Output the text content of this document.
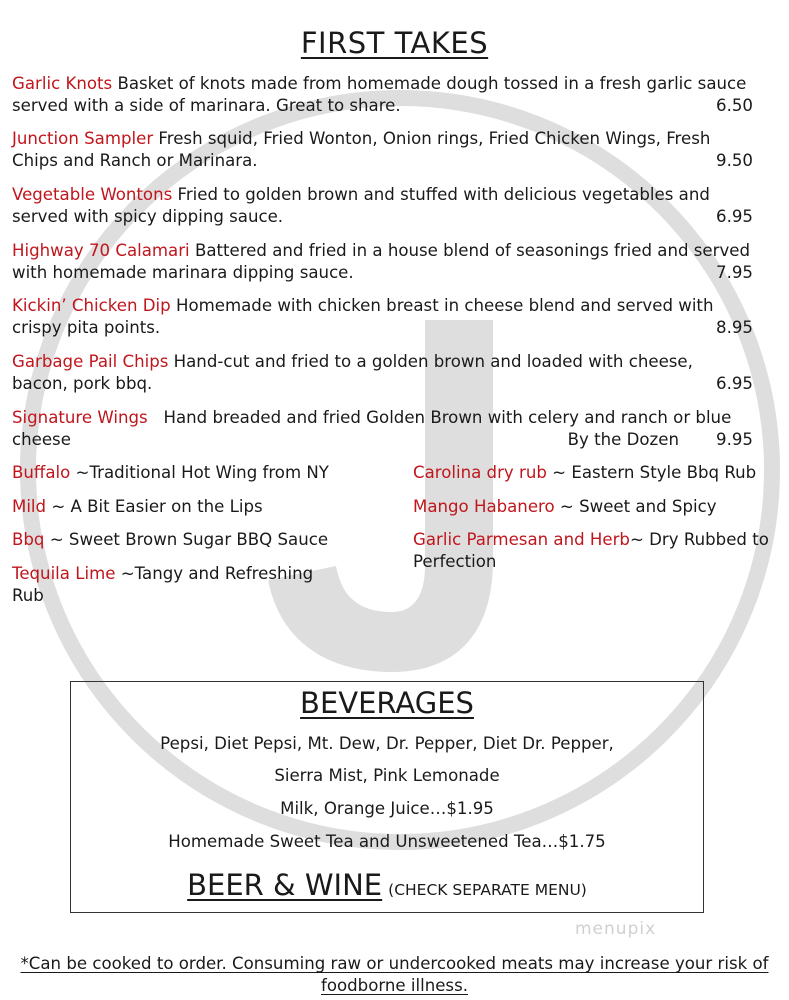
FIRST TAKES
Garlic Knots Basket of knots made from homemade dough tossed in a fresh garlic sauce served with a side of marinara. Great to share.	6.50
Junction Sampler Fresh squid, Fried Wonton, Onion rings, Fried Chicken Wings, Fresh Chips and Ranch or Marinara.	9.50
Vegetable Wontons Fried to golden brown and stuffed with delicious vegetables and served with spicy dipping sauce.	6.95
Highway 70 Calamari Battered and fried in a house blend of seasonings fried and served with homemade marinara dipping sauce.	7.95
Kickin’ Chicken Dip Homemade with chicken breast in cheese blend and served with crispy pita points.	8.95
Garbage Pail Chips Hand-cut and fried to a golden brown and loaded with cheese, bacon, pork bbq.	6.95
Signature Wings   Hand breaded and fried Golden Brown with celery and ranch or blue cheese	By the Dozen 9.95
Buffalo ~Traditional Hot Wing from NY
Mild ~ A Bit Easier on the Lips
Bbq ~ Sweet Brown Sugar BBQ Sauce
Tequila Lime ~Tangy and Refreshing Rub
Carolina dry rub ~ Eastern Style Bbq Rub
Mango Habanero ~ Sweet and Spicy
Garlic Parmesan and Herb~ Dry Rubbed to Perfection
BEVERAGES
Pepsi, Diet Pepsi, Mt. Dew, Dr. Pepper, Diet Dr. Pepper,
Sierra Mist, Pink Lemonade
Milk, Orange Juice…$1.95
Homemade Sweet Tea and Unsweetened Tea…$1.75
BEER & WINE (CHECK SEPARATE MENU)
menupix
*Can be cooked to order. Consuming raw or undercooked meats may increase your risk of foodborne illness.
